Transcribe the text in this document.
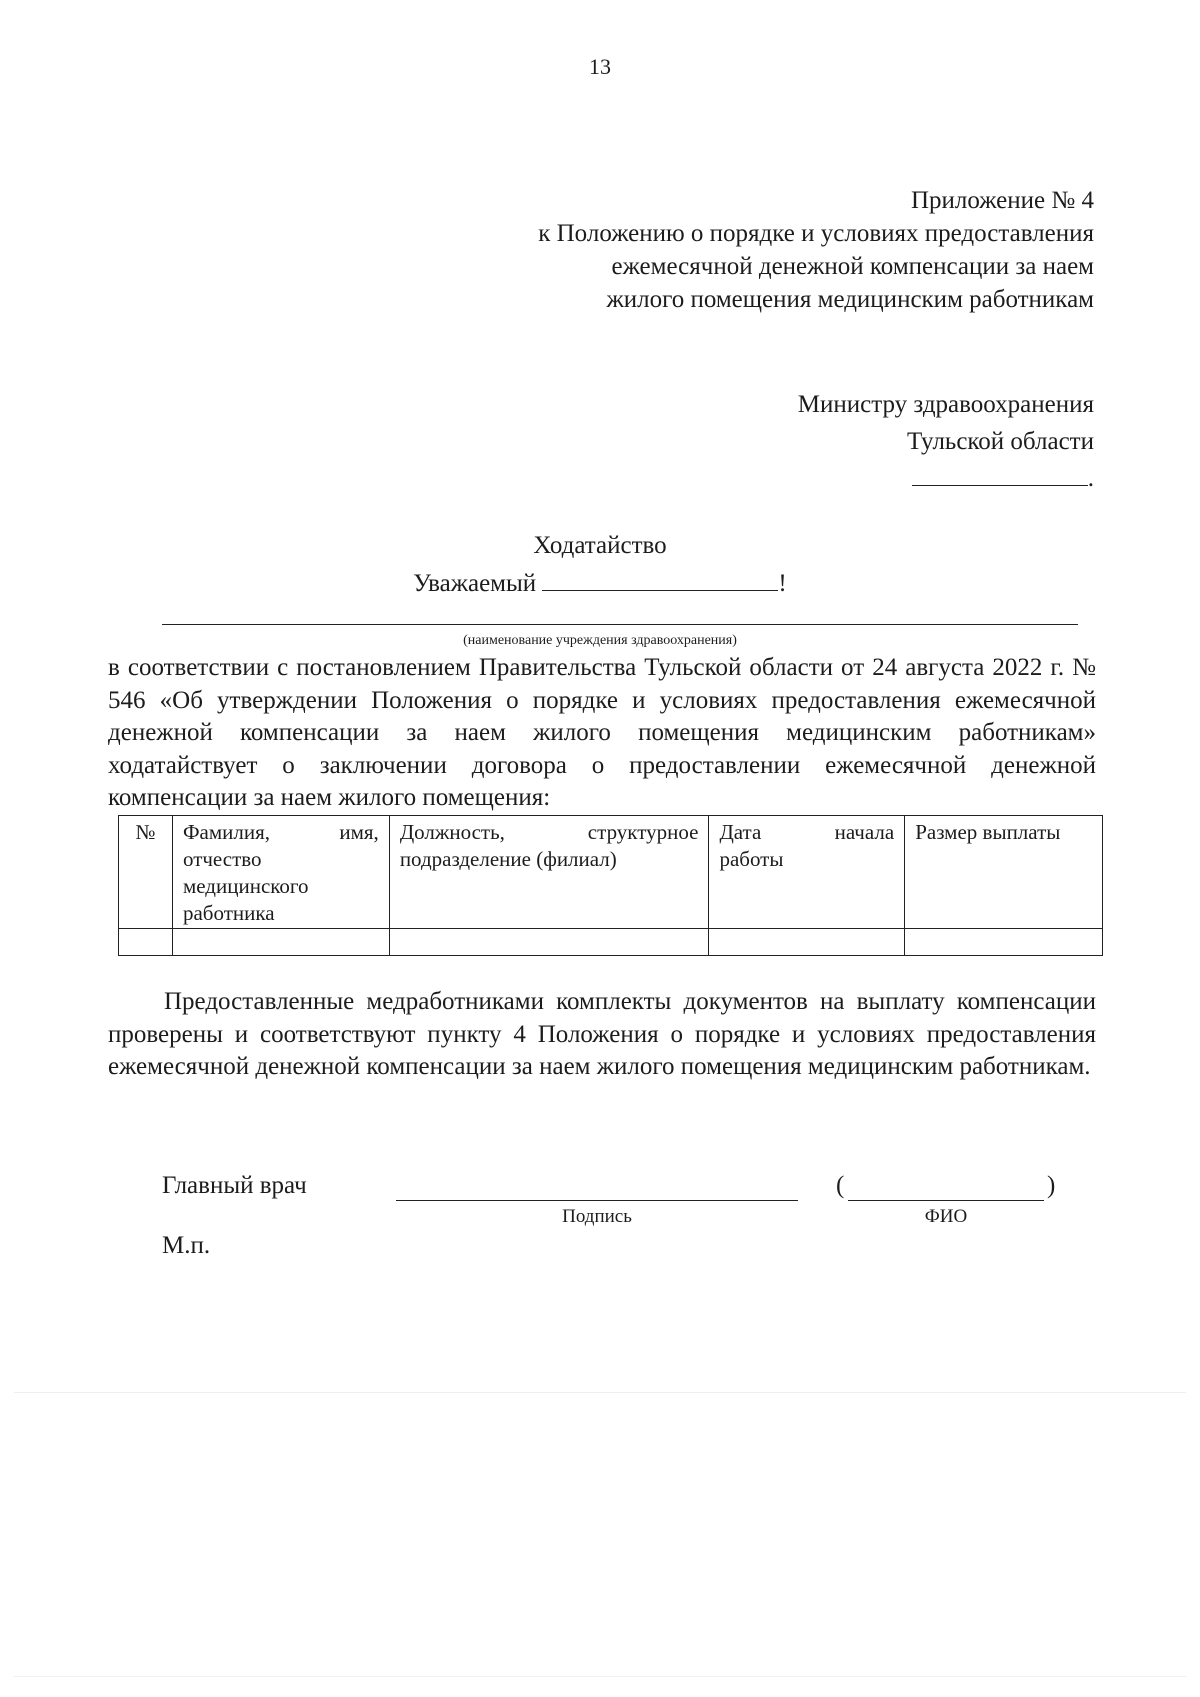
13
Приложение № 4
к Положению о порядке и условиях предоставления
ежемесячной денежной компенсации за наем
жилого помещения медицинским работникам
Министру здравоохранения
Тульской области
.
Ходатайство
Уважаемый	!
(наименование учреждения здравоохранения)
в соответствии с постановлением Правительства Тульской области от 24 августа 2022 г. № 546 «Об утверждении Положения о порядке и условиях предоставления ежемесячной денежной компенсации за наем жилого помещения медицинским работникам» ходатайствует о заключении договора о предоставлении ежемесячной денежной компенсации за наем жилого помещения:
№	Фамилия, имя, отчество медицинского работника	Должность, структурное подразделение (филиал)	Дата начала работы	Размер выплаты

Предоставленные медработниками комплекты документов на выплату компенсации проверены и соответствуют пункту 4 Положения о порядке и условиях предоставления ежемесячной денежной компенсации за наем жилого помещения медицинским работникам.
Главный врач
Подпись
(	)
ФИО
М.п.
